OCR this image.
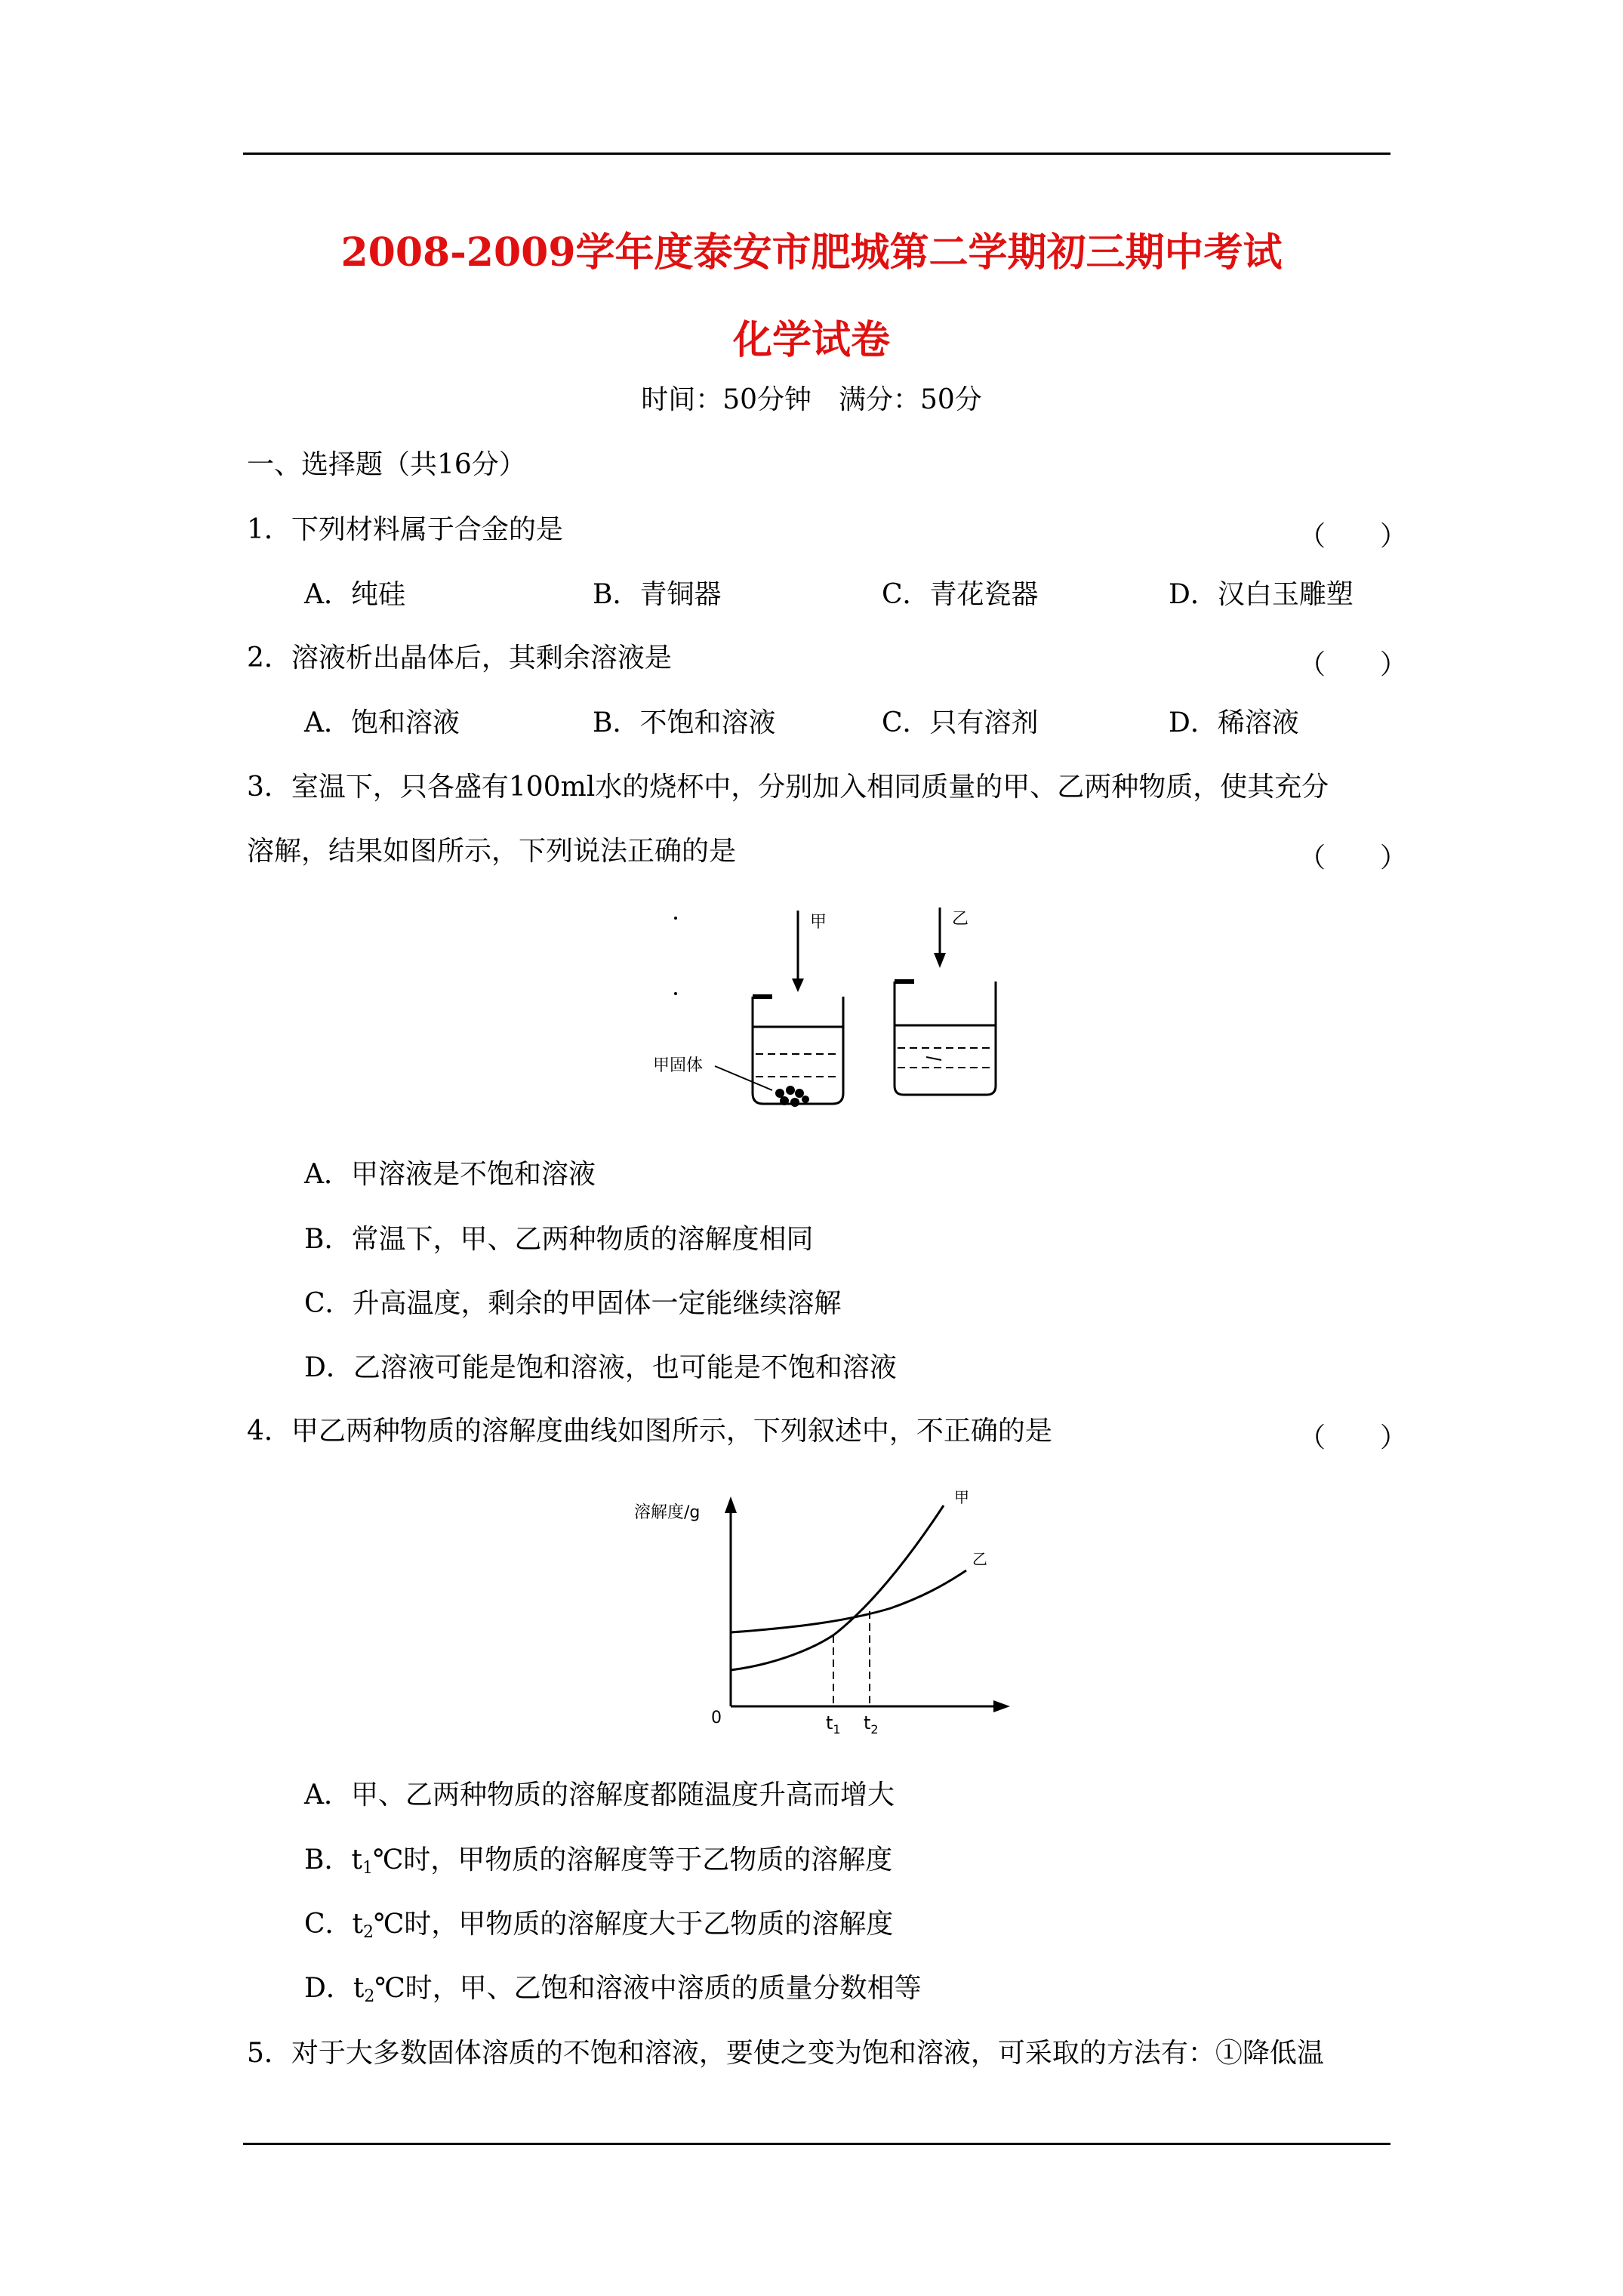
2008-2009学年度泰安市肥城第二学期初三期中考试
化学试卷
时间：50分钟　满分：50分
一、选择题（共16分）
1．下列材料属于合金的是	（　　）
A．纯硅	B．青铜器	C．青花瓷器	D．汉白玉雕塑
2．溶液析出晶体后，其剩余溶液是	（　　）
A．饱和溶液	B．不饱和溶液	C．只有溶剂	D．稀溶液
3．室温下，只各盛有100ml水的烧杯中，分别加入相同质量的甲、乙两种物质，使其充分
溶解，结果如图所示，下列说法正确的是	（　　）
甲
甲固体
乙
A．甲溶液是不饱和溶液
B．常温下，甲、乙两种物质的溶解度相同
C．升高温度，剩余的甲固体一定能继续溶解
D．乙溶液可能是饱和溶液，也可能是不饱和溶液
4．甲乙两种物质的溶解度曲线如图所示，下列叙述中，不正确的是	（　　）
溶解度/g
0	$t_1$ $t_2$
甲
乙
A．甲、乙两种物质的溶解度都随温度升高而增大
B．$t_1℃$时，甲物质的溶解度等于乙物质的溶解度
C．$t_2℃$时，甲物质的溶解度大于乙物质的溶解度
D．$t_2℃$时，甲、乙饱和溶液中溶质的质量分数相等
5．对于大多数固体溶质的不饱和溶液，要使之变为饱和溶液，可采取的方法有：①降低温
